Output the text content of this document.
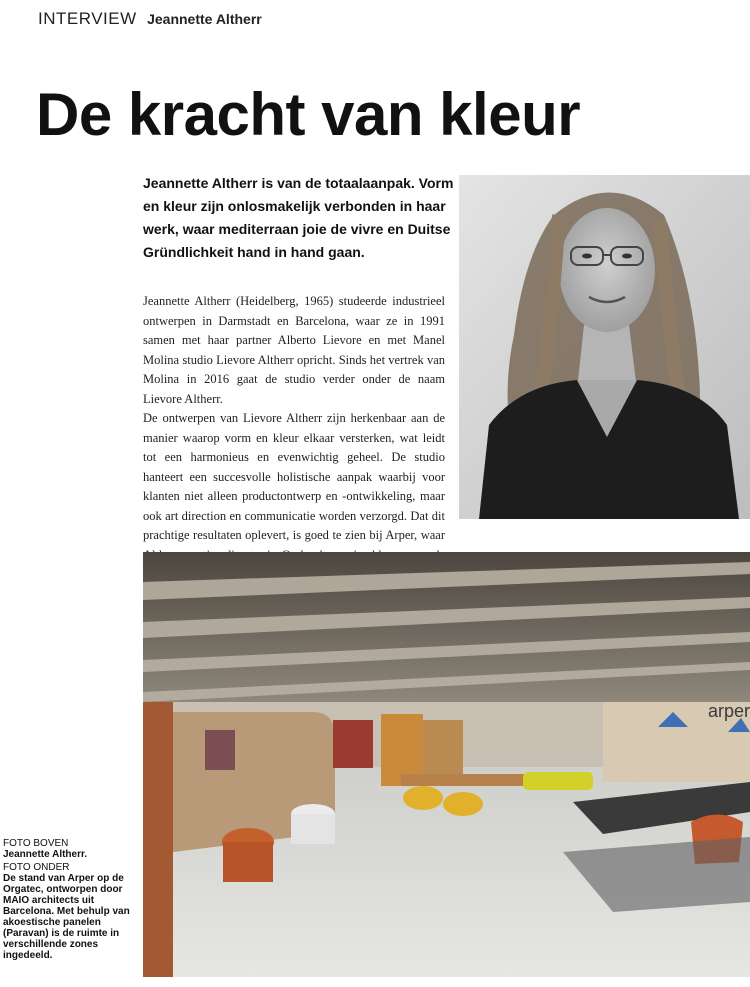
INTERVIEW Jeannette Altherr
De kracht van kleur

Jeannette Altherr is van de totaalaanpak. Vorm en kleur zijn onlosmakelijk verbonden in haar werk, waar mediterraan joie de vivre en Duitse Gründlichkeit hand in hand gaan.

Jeannette Altherr (Heidelberg, 1965) studeerde industrieel ontwerpen in Darmstadt en Barcelona, waar ze in 1991 samen met haar partner Alberto Lievore en met Manel Molina studio Lievore Altherr opricht. Sinds het vertrek van Molina in 2016 gaat de studio verder onder de naam Lievore Altherr.

De ontwerpen van Lievore Altherr zijn herkenbaar aan de manier waarop vorm en kleur elkaar versterken, wat leidt tot een harmonieus en evenwichtig geheel. De studio hanteert een succesvolle holistische aanpak waarbij voor klanten niet alleen productontwerp en -ontwikkeling, maar ook art direction en communicatie worden verzorgd. Dat dit prachtige resultaten oplevert, is goed te zien bij Arper, waar

arper
FOTO BOVEN
Jeannette Altherr.
FOTO ONDER
De stand van Arper op de Orgatec, ontworpen door MAIO architects uit Barcelona. Met behulp van akoestische panelen (Paravan) is de ruimte in verschillende zones ingedeeld.
